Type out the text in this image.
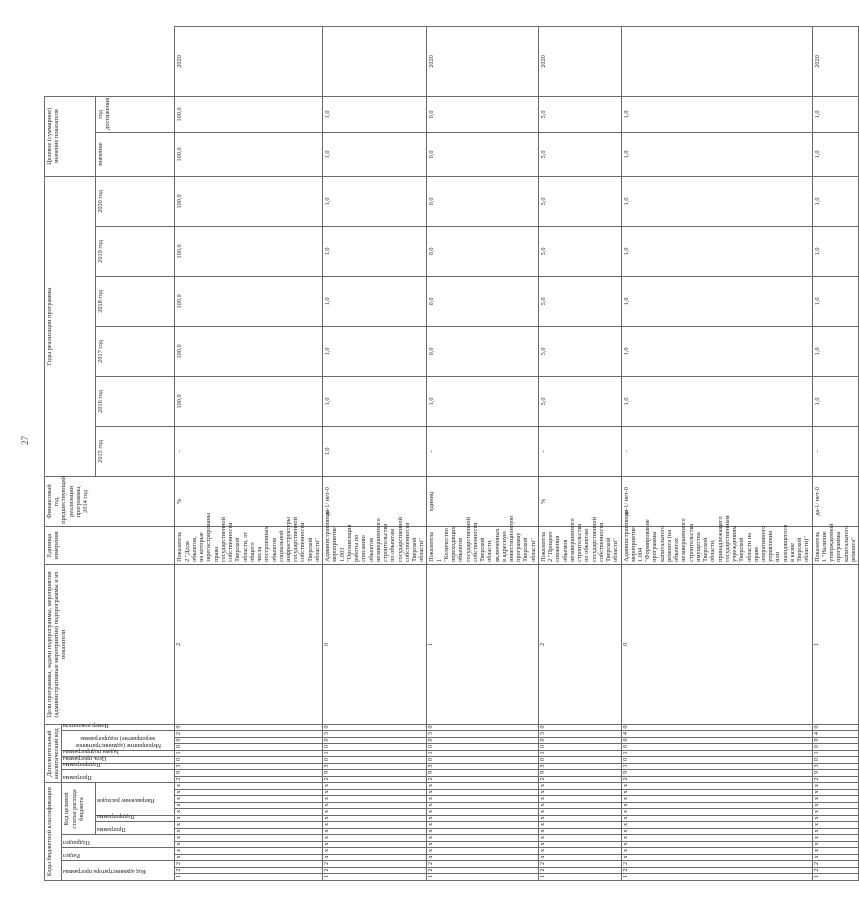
27
Коды бюджетной классификации															Дополнительный аналитический код									Цели программы, задачи подпрограммы, мероприятия (административные мероприятия) подпрограммы и их показатели	Единица измерения	Финансовый год, предшествующий реализации программы, 2014 год	Годы реализации программы						Целевое (суммарное) значение показателя		

Код администратора программы			Раздел		Подраздел		Код целевой статьи расхода бюджета								Программа		Подпрограмма	Цель программы	Задача подпрограммы	Мероприятие (административное мероприятие) подпрограммы			Номер показателя												

							Программа		Подпрограмма	Направление расходов																	2015 год	2016 год	2017 год	2018 год	2019 год	2020 год	значение	год достижения	
1	2	2	x	x	x	x	x	x	x	x	x	x	x	x	2	9	3	0	1	0	0	2	0	2	Показатель 2 "Доля объектов, на которые зарегистрированы права государственной собственности Тверской области, от общего числа построенных объектов социальной инфраструктуры государственной собственности Тверской области"	%	-	100,0	100,0	100,0	100,0	100,0	100,0	100,0	2020
1	2	2	x	x	x	x	x	x	x	x	x	x	x	x	2	9	3	0	1	0	0	3	0	0	Административное мероприятие 1.003 "Организация работы по списанию объектов незавершенного строительства по объектам государственной собственности Тверской области"	да-1/ нет-0	1,0	1,0	1,0	1,0	1,0	1,0	1,0	1,0	
1	2	2	x	x	x	x	x	x	x	x	x	x	x	x	2	9	3	0	1	0	0	3	0	1	Показатель 1 "Количество переходящих объектов государственной собственности Тверской области, включенных в адресную инвестиционную программу Тверской области"	единиц	-	1,0	0,0	0,0	0,0	0,0	0,0	0,0	2020
1	2	2	x	x	x	x	x	x	x	x	x	x	x	x	2	9	3	0	1	0	0	3	0	2	Показатель 2 "Процент снижения объемов незавершенного строительства по объектам государственной собственности Тверской области"	%	-	5,0	5,0	5,0	5,0	5,0	5,0	5,0	2020
1	2	2	x	x	x	x	x	x	x	x	x	x	x	x	2	9	3	0	1	0	0	4	0	0	Административное мероприятие 1.004 "Формирование программы капитального ремонта (на объектах незавершенного строительства имущества Тверской области, принадлежащего государственным учреждениям Тверской области на праве оперативного управления или находящегося в казне Тверской области)"	да-1/ нет-0	-	1,0	1,0	1,0	1,0	1,0	1,0	1,0	
1	2	2	x	x	x	x	x	x	x	x	x	x	x	x	2	9	3	0	1	0	0	4	0	1	Показатель 1 "Наличие утвержденной программы капитального ремонта"	да-1/ нет-0	-	1,0	1,0	1,0	1,0	1,0	1,0	1,0	2020
